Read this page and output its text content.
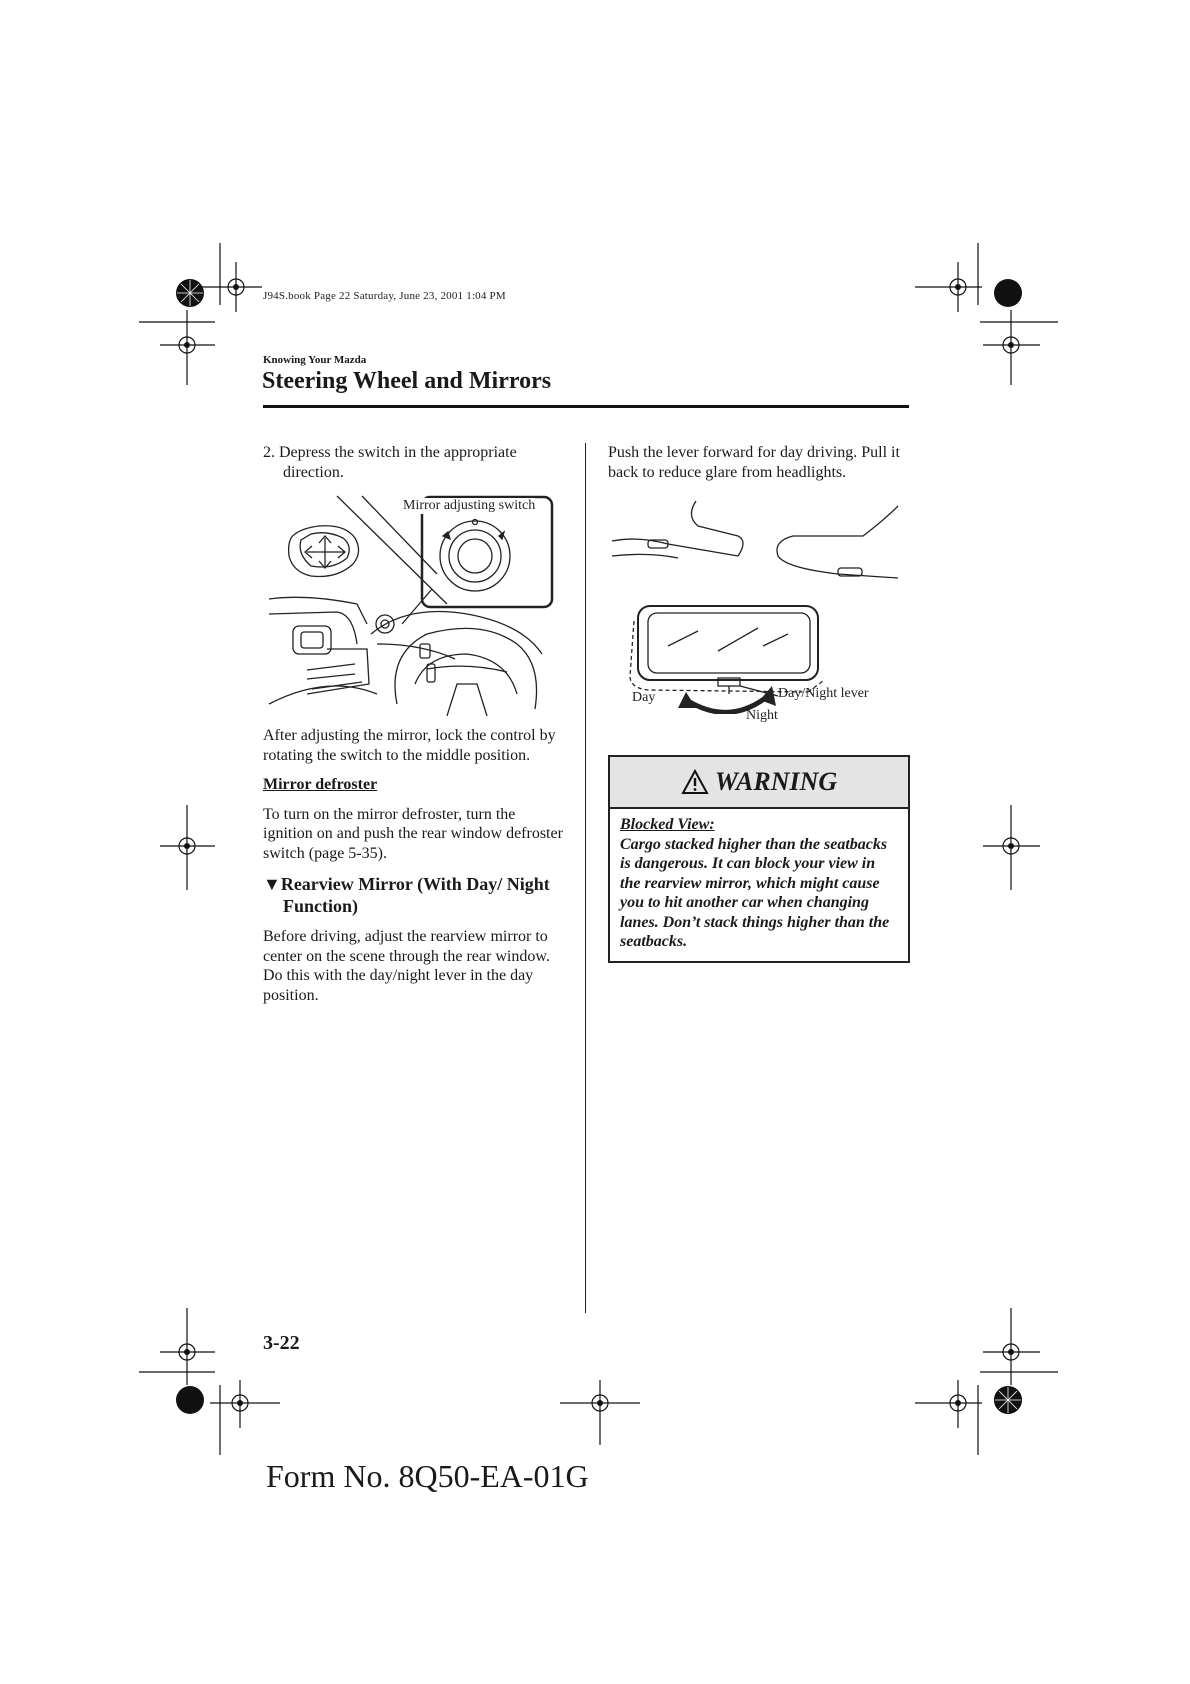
J94S.book Page 22 Saturday, June 23, 2001 1:04 PM
Knowing Your Mazda
Steering Wheel and Mirrors

2. Depress the switch in the appropriate direction.

Mirror adjusting switch

After adjusting the mirror, lock the control by rotating the switch to the middle position.

Mirror defroster

To turn on the mirror defroster, turn the ignition on and push the rear window defroster switch (page 5-35).

▼Rearview Mirror (With Day/ Night Function)

Before driving, adjust the rearview mirror to center on the scene through the rear window. Do this with the day/night lever in the day position.

Push the lever forward for day driving. Pull it back to reduce glare from headlights.

Day	Day/Night lever
Night
WARNING
Blocked View:
Cargo stacked higher than the seatbacks is dangerous. It can block your view in the rearview mirror, which might cause you to hit another car when changing lanes. Don’t stack things higher than the seatbacks.
3-22
Form No. 8Q50-EA-01G
